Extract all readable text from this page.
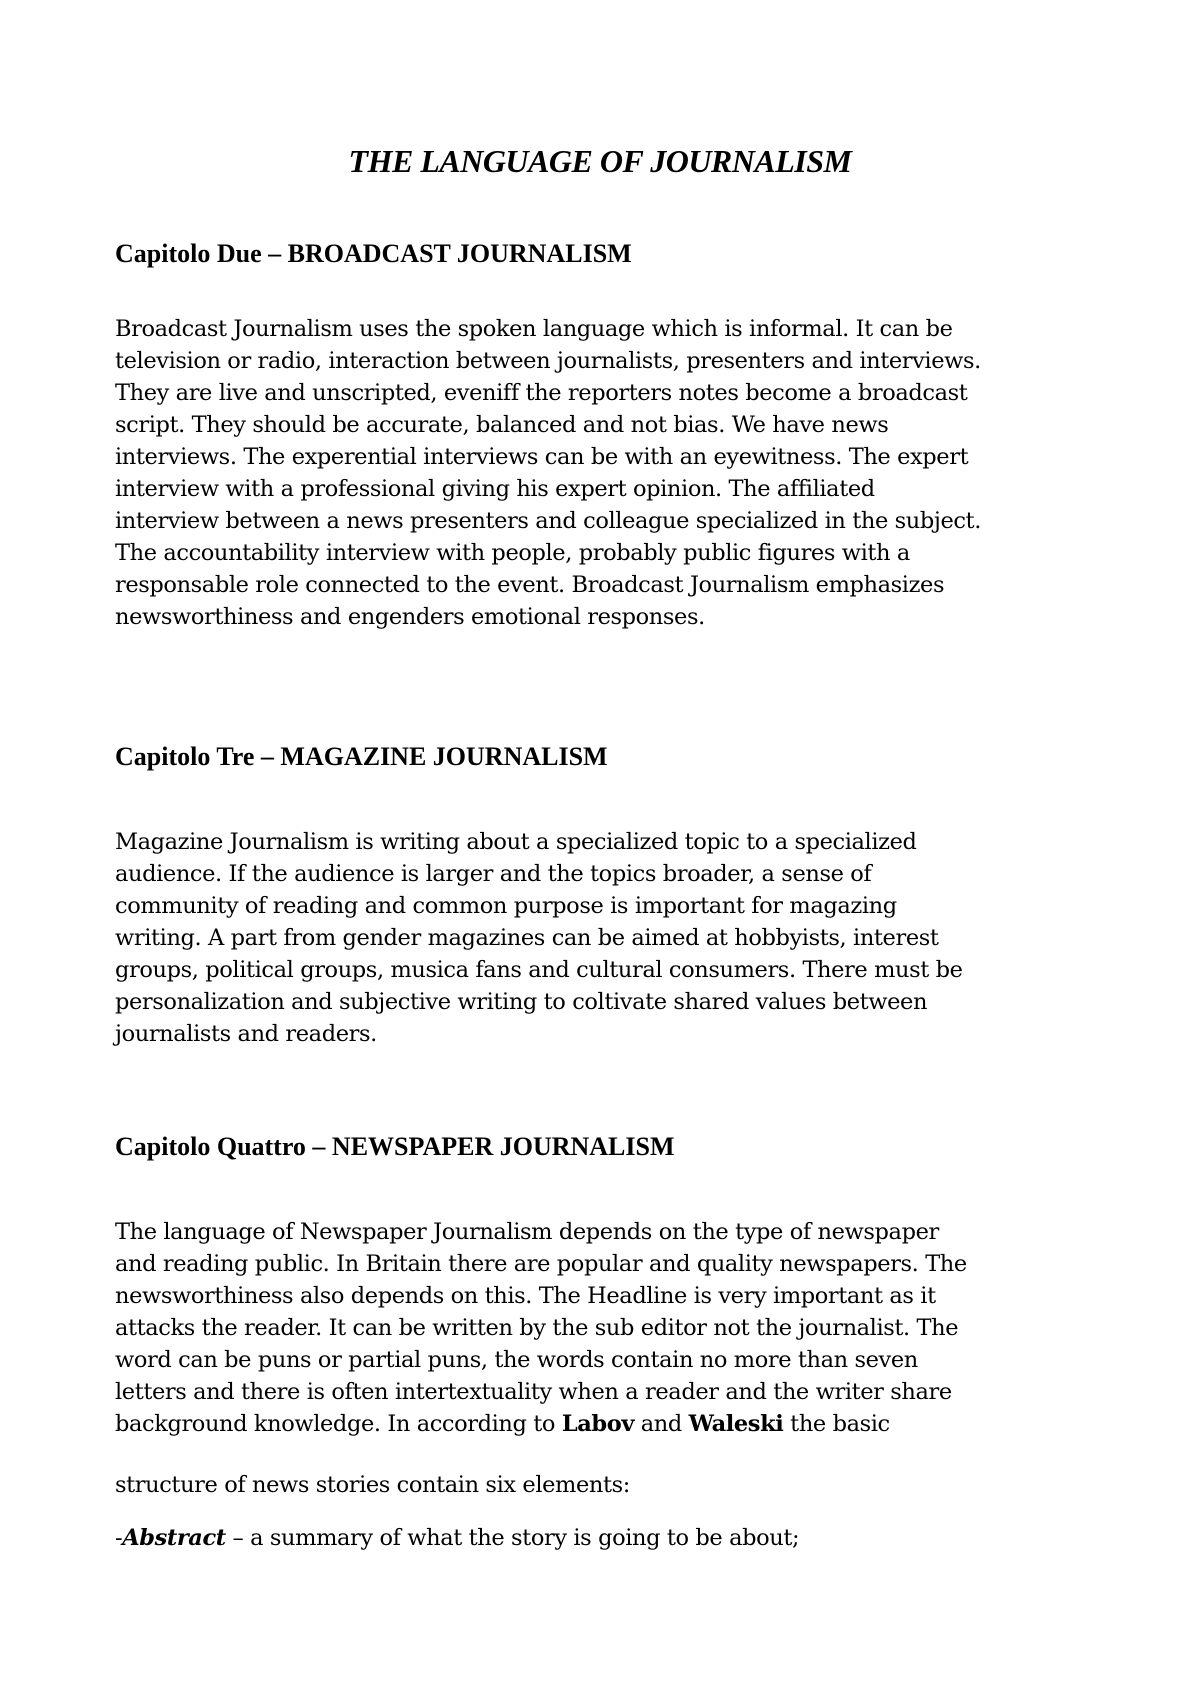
THE LANGUAGE OF JOURNALISM
Capitolo Due – BROADCAST JOURNALISM

Broadcast Journalism uses the spoken language which is informal. It can be
television or radio, interaction between journalists, presenters and interviews.
They are live and unscripted, eveniff the reporters notes become a broadcast
script. They should be accurate, balanced and not bias. We have news
interviews. The experential interviews can be with an eyewitness. The expert
interview with a professional giving his expert opinion. The affiliated
interview between a news presenters and colleague specialized in the subject.
The accountability interview with people, probably public figures with a
responsable role connected to the event. Broadcast Journalism emphasizes
newsworthiness and engenders emotional responses.

Capitolo Tre – MAGAZINE JOURNALISM

Magazine Journalism is writing about a specialized topic to a specialized
audience. If the audience is larger and the topics broader, a sense of
community of reading and common purpose is important for magazing
writing. A part from gender magazines can be aimed at hobbyists, interest
groups, political groups, musica fans and cultural consumers. There must be
personalization and subjective writing to coltivate shared values between
journalists and readers.

Capitolo Quattro – NEWSPAPER JOURNALISM

The language of Newspaper Journalism depends on the type of newspaper
and reading public. In Britain there are popular and quality newspapers. The
newsworthiness also depends on this. The Headline is very important as it
attacks the reader. It can be written by the sub editor not the journalist. The
word can be puns or partial puns, the words contain no more than seven
letters and there is often intertextuality when a reader and the writer share
background knowledge. In according to Labov and Waleski the basic

structure of news stories contain six elements:

-Abstract – a summary of what the story is going to be about;
